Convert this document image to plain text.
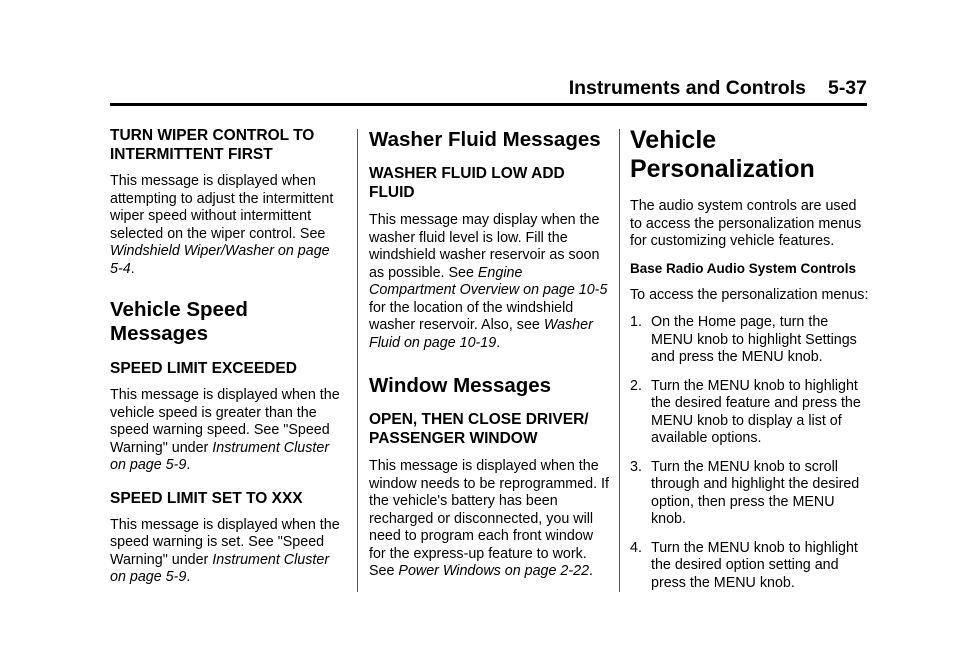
Instruments and Controls 5-37
TURN WIPER CONTROL TO INTERMITTENT FIRST

This message is displayed when attempting to adjust the intermittent wiper speed without intermittent selected on the wiper control. See Windshield Wiper/Washer on page 5-4.

Vehicle Speed Messages
SPEED LIMIT EXCEEDED

This message is displayed when the vehicle speed is greater than the speed warning speed. See "Speed Warning" under Instrument Cluster on page 5-9.

SPEED LIMIT SET TO XXX

This message is displayed when the speed warning is set. See "Speed Warning" under Instrument Cluster on page 5-9.

Washer Fluid Messages
WASHER FLUID LOW ADD FLUID

This message may display when the washer fluid level is low. Fill the windshield washer reservoir as soon as possible. See Engine Compartment Overview on page 10-5 for the location of the windshield washer reservoir. Also, see Washer Fluid on page 10-19.

Window Messages
OPEN, THEN CLOSE DRIVER/ PASSENGER WINDOW

This message is displayed when the window needs to be reprogrammed. If the vehicle's battery has been recharged or disconnected, you will need to program each front window for the express-up feature to work. See Power Windows on page 2-22.

Vehicle Personalization

The audio system controls are used to access the personalization menus for customizing vehicle features.

Base Radio Audio System Controls

To access the personalization menus:

1. On the Home page, turn the MENU knob to highlight Settings and press the MENU knob.
2. Turn the MENU knob to highlight the desired feature and press the MENU knob to display a list of available options.
3. Turn the MENU knob to scroll through and highlight the desired option, then press the MENU knob.
4. Turn the MENU knob to highlight the desired option setting and press the MENU knob.
